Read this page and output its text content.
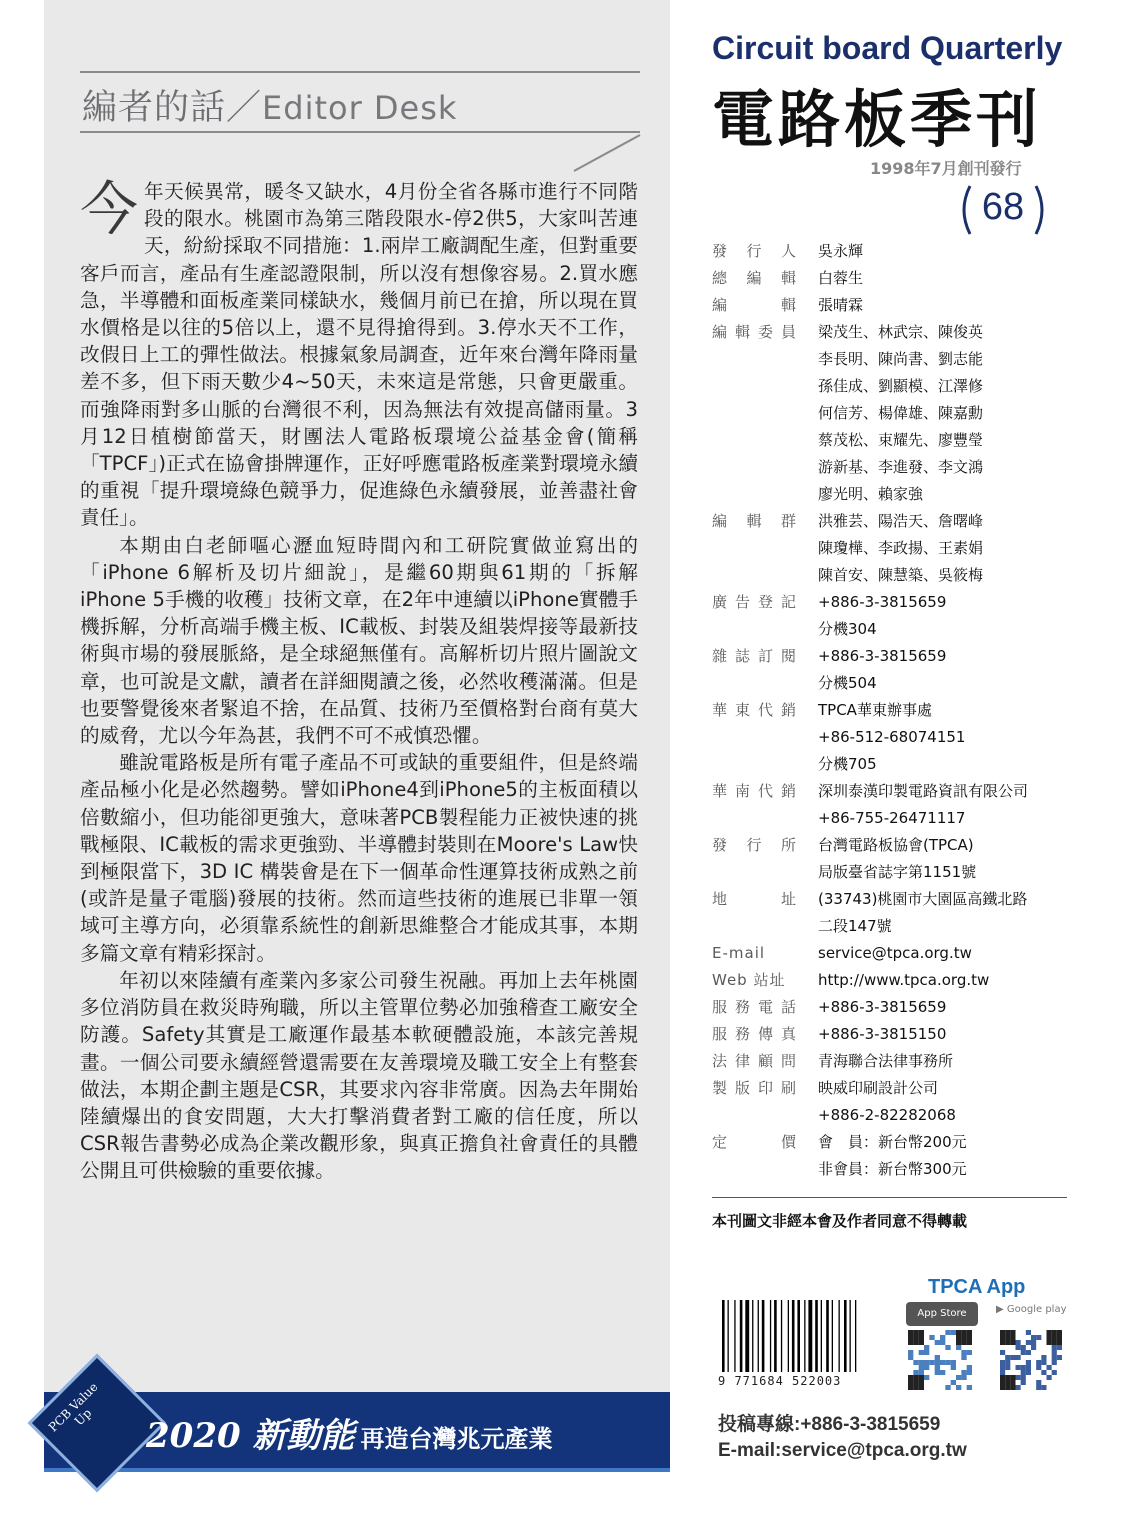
編者的話／Editor Desk

今年天候異常，暖冬又缺水，4月份全省各縣市進行不同階段的限水。桃園市為第三階段限水-停2供5，大家叫苦連天，紛紛採取不同措施：1.兩岸工廠調配生產，但對重要客戶而言，產品有生產認證限制，所以沒有想像容易。2.買水應急，半導體和面板產業同樣缺水，幾個月前已在搶，所以現在買水價格是以往的5倍以上，還不見得搶得到。3.停水天不工作，改假日上工的彈性做法。根據氣象局調查，近年來台灣年降雨量差不多，但下雨天數少4~50天，未來這是常態，只會更嚴重。而強降雨對多山脈的台灣很不利，因為無法有效提高儲雨量。3月12日植樹節當天，財團法人電路板環境公益基金會(簡稱「TPCF」)正式在協會掛牌運作，正好呼應電路板產業對環境永續的重視「提升環境綠色競爭力，促進綠色永續發展，並善盡社會責任」。

本期由白老師嘔心瀝血短時間內和工研院實做並寫出的「iPhone 6解析及切片細說」，是繼60期與61期的「拆解iPhone 5手機的收穫」技術文章，在2年中連續以iPhone實體手機拆解，分析高端手機主板、IC載板、封裝及組裝焊接等最新技術與市場的發展脈絡，是全球絕無僅有。高解析切片照片圖說文章，也可說是文獻，讀者在詳細閱讀之後，必然收穫滿滿。但是也要警覺後來者緊追不捨，在品質、技術乃至價格對台商有莫大的威脅，尤以今年為甚，我們不可不戒慎恐懼。

雖說電路板是所有電子產品不可或缺的重要組件，但是終端產品極小化是必然趨勢。譬如iPhone4到iPhone5的主板面積以倍數縮小，但功能卻更強大，意味著PCB製程能力正被快速的挑戰極限、IC載板的需求更強勁、半導體封裝則在Moore's Law快到極限當下，3D IC 構裝會是在下一個革命性運算技術成熟之前(或許是量子電腦)發展的技術。然而這些技術的進展已非單一領域可主導方向，必須靠系統性的創新思維整合才能成其事，本期多篇文章有精彩探討。

年初以來陸續有產業內多家公司發生祝融。再加上去年桃園多位消防員在救災時殉職，所以主管單位勢必加強稽查工廠安全防護。Safety其實是工廠運作最基本軟硬體設施，本該完善規畫。一個公司要永續經營還需要在友善環境及職工安全上有整套做法，本期企劃主題是CSR，其要求內容非常廣。因為去年開始陸續爆出的食安問題，大大打擊消費者對工廠的信任度，所以CSR報告書勢必成為企業改觀形象，與真正擔負社會責任的具體公開且可供檢驗的重要依據。

Circuit board Quarterly
電路板季刊
1998年7月創刊發行
68
發 行 人 吳永輝
總 編 輯 白蓉生
編	輯 張晴霖
編 輯 委 員 梁茂生、林武宗、陳俊英
李長明、陳尚書、劉志能
孫佳成、劉顯模、江澤修
何信芳、楊偉雄、陳嘉勳
蔡茂松、束耀先、廖豐瑩
游新基、李進發、李文鴻
廖光明、賴家強
編 輯 群 洪雅芸、陽浩天、詹曙峰
陳瓊樺、李政揚、王素娟
陳首安、陳慧築、吳筱梅
廣 告 登 記 +886-3-3815659
分機304
雜 誌 訂 閱 +886-3-3815659
分機504
華 東 代 銷 TPCA華東辦事處
+86-512-68074151
分機705
華 南 代 銷 深圳泰漢印製電路資訊有限公司
+86-755-26471117
發 行 所 台灣電路板協會(TPCA)
局版臺省誌字第1151號
地	址 (33743)桃園市大園區高鐵北路
二段147號
E-mail	service@tpca.org.tw
Web 站址 http://www.tpca.org.tw
服 務 電 話 +886-3-3815659
服 務 傳 真 +886-3-3815150
法 律 顧 問 青海聯合法律事務所
製 版 印 刷 映威印刷設計公司
+886-2-82282068
定	價 會　員：新台幣200元
非會員：新台幣300元
本刊圖文非經本會及作者同意不得轉載
9 771684 522003
TPCA App
App Store	▶ Google play
投稿專線:+886-3-3815659
E-mail:service@tpca.org.tw
PCB Value Up	2020 新動能 再造台灣兆元產業
